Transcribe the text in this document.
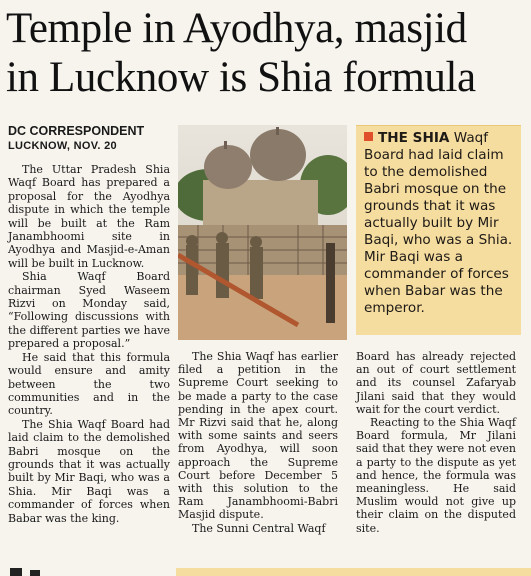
Temple in Ayodhya, masjid
in Lucknow is Shia formula
DC CORRESPONDENT
LUCKNOW, NOV. 20

The Uttar Pradesh Shia Waqf Board has prepared a proposal for the Ayodhya dispute in which the temple will be built at the Ram Janambhoomi site in Ayodhya and Masjid-e-Aman will be built in Lucknow.

Shia Waqf Board chairman Syed Waseem Rizvi on Monday said, “Following discussions with the different parties we have prepared a proposal.”

He said that this formula would ensure and amity between the two communities and in the country.

The Shia Waqf Board had laid claim to the demolished Babri mosque on the grounds that it was actually built by Mir Baqi, who was a Shia. Mir Baqi was a commander of forces when Babar was the king.

THE SHIA Waqf Board had laid claim to the demolished Babri mosque on the grounds that it was actually built by Mir Baqi, who was a Shia. Mir Baqi was a commander of forces when Babar was the emperor.

The Shia Waqf has earlier filed a petition in the Supreme Court seeking to be made a party to the case pending in the apex court. Mr Rizvi said that he, along with some saints and seers from Ayodhya, will soon approach the Supreme Court before December 5 with this solution to the Ram Janambhoomi-Babri Masjid dispute.

The Sunni Central Waqf

Board has already rejected an out of court settlement and its counsel Zafaryab Jilani said that they would wait for the court verdict.

Reacting to the Shia Waqf Board formula, Mr Jilani said that they were not even a party to the dispute as yet and hence, the formula was meaningless. He said Muslim would not give up their claim on the disputed site.
